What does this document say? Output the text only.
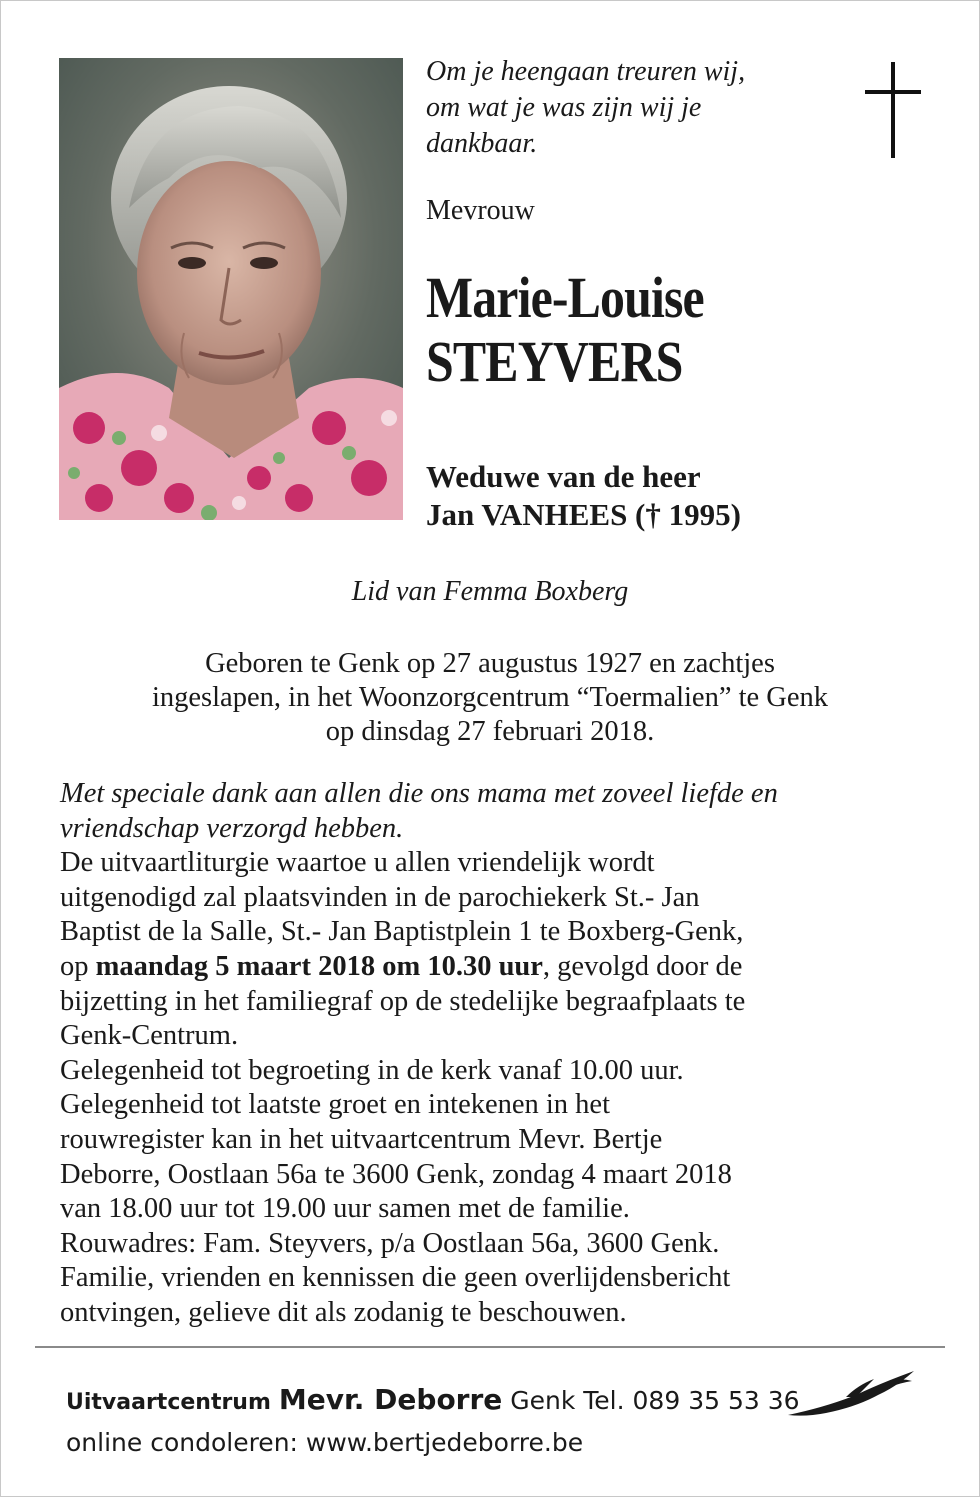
Om je heengaan treuren wij,
om wat je was zijn wij je
dankbaar.
Mevrouw
Marie-Louise
STEYVERS
Weduwe van de heer
Jan VANHEES († 1995)
Lid van Femma Boxberg
Geboren te Genk op 27 augustus 1927 en zachtjes
ingeslapen, in het Woonzorgcentrum “Toermalien” te Genk
op dinsdag 27 februari 2018.
Met speciale dank aan allen die ons mama met zoveel liefde en
vriendschap verzorgd hebben.
De uitvaartliturgie waartoe u allen vriendelijk wordt
uitgenodigd zal plaatsvinden in de parochiekerk St.- Jan
Baptist de la Salle, St.- Jan Baptistplein 1 te Boxberg-Genk,
op maandag 5 maart 2018 om 10.30 uur, gevolgd door de
bijzetting in het familiegraf op de stedelijke begraafplaats te
Genk-Centrum.
Gelegenheid tot begroeting in de kerk vanaf 10.00 uur.
Gelegenheid tot laatste groet en intekenen in het
rouwregister kan in het uitvaartcentrum Mevr. Bertje
Deborre, Oostlaan 56a te 3600 Genk, zondag 4 maart 2018
van 18.00 uur tot 19.00 uur samen met de familie.
Rouwadres: Fam. Steyvers, p/a Oostlaan 56a, 3600 Genk.
Familie, vrienden en kennissen die geen overlijdensbericht
ontvingen, gelieve dit als zodanig te beschouwen.
Uitvaartcentrum Mevr. Deborre Genk Tel. 089 35 53 36
online condoleren: www.bertjedeborre.be
